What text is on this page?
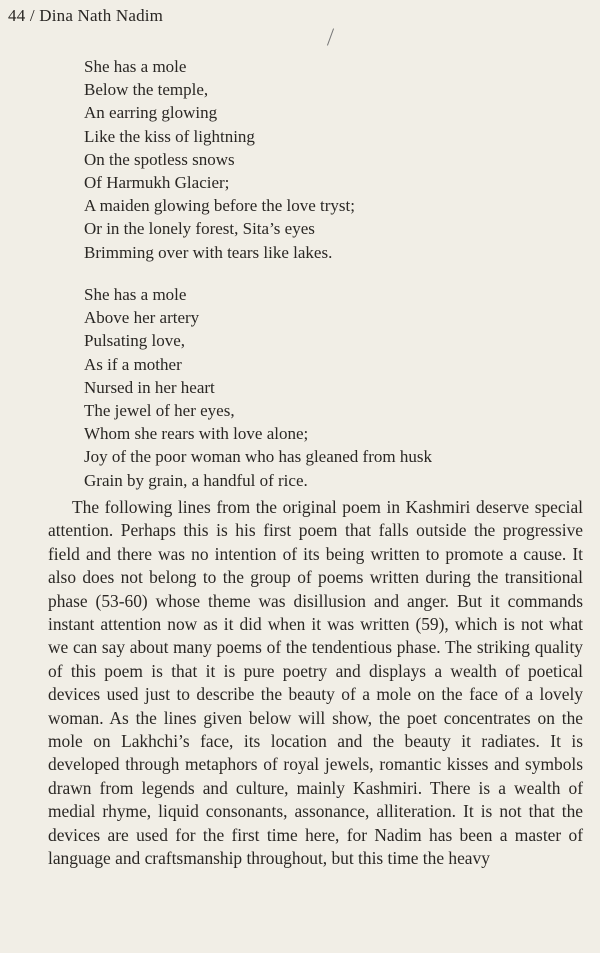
44 / Dina Nath Nadim
She has a mole
Below the temple,
An earring glowing
Like the kiss of lightning
On the spotless snows
Of Harmukh Glacier;
A maiden glowing before the love tryst;
Or in the lonely forest, Sita’s eyes
Brimming over with tears like lakes.
She has a mole
Above her artery
Pulsating love,
As if a mother
Nursed in her heart
The jewel of her eyes,
Whom she rears with love alone;
Joy of the poor woman who has gleaned from husk
Grain by grain, a handful of rice.

The following lines from the original poem in Kashmiri deserve special attention. Perhaps this is his first poem that falls outside the progressive field and there was no intention of its being written to promote a cause. It also does not belong to the group of poems written during the transitional phase (53-60) whose theme was disillusion and anger. But it commands instant attention now as it did when it was written (59), which is not what we can say about many poems of the tendentious phase. The striking quality of this poem is that it is pure poetry and displays a wealth of poetical devices used just to describe the beauty of a mole on the face of a lovely woman. As the lines given below will show, the poet concentrates on the mole on Lakhchi’s face, its location and the beauty it radiates. It is developed through metaphors of royal jewels, romantic kisses and symbols drawn from legends and culture, mainly Kashmiri. There is a wealth of medial rhyme, liquid consonants, assonance, alliteration. It is not that the devices are used for the first time here, for Nadim has been a master of language and craftsmanship throughout, but this time the heavy
